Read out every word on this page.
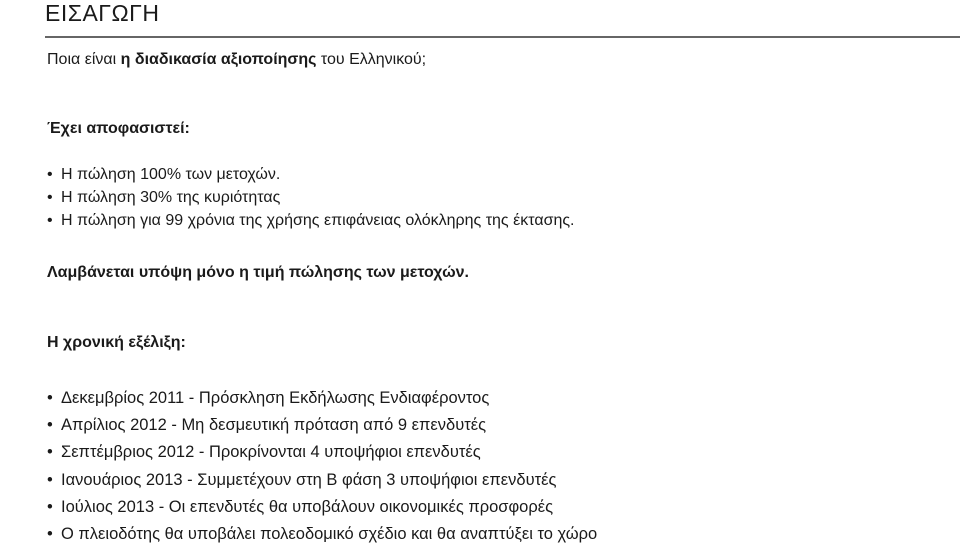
ΕΙΣΑΓΩΓΗ

Ποια είναι η διαδικασία αξιοποίησης του Ελληνικού;

Έχει αποφασιστεί:

• Η πώληση 100% των μετοχών.
• Η πώληση 30% της κυριότητας
• Η πώληση για 99 χρόνια της χρήσης επιφάνειας ολόκληρης της έκτασης.

Λαμβάνεται υπόψη μόνο η τιμή πώλησης των μετοχών.

Η χρονική εξέλιξη:

• Δεκεμβρίος 2011 - Πρόσκληση Εκδήλωσης Ενδιαφέροντος
• Απρίλιος 2012 - Μη δεσμευτική πρόταση από 9 επενδυτές
• Σεπτέμβριος 2012 - Προκρίνονται 4 υποψήφιοι επενδυτές
• Ιανουάριος 2013 - Συμμετέχουν στη Β φάση 3 υποψήφιοι επενδυτές
• Ιούλιος 2013 - Οι επενδυτές θα υποβάλουν οικονομικές προσφορές
• Ο πλειοδότης θα υποβάλει πολεοδομικό σχέδιο και θα αναπτύξει το χώρο
